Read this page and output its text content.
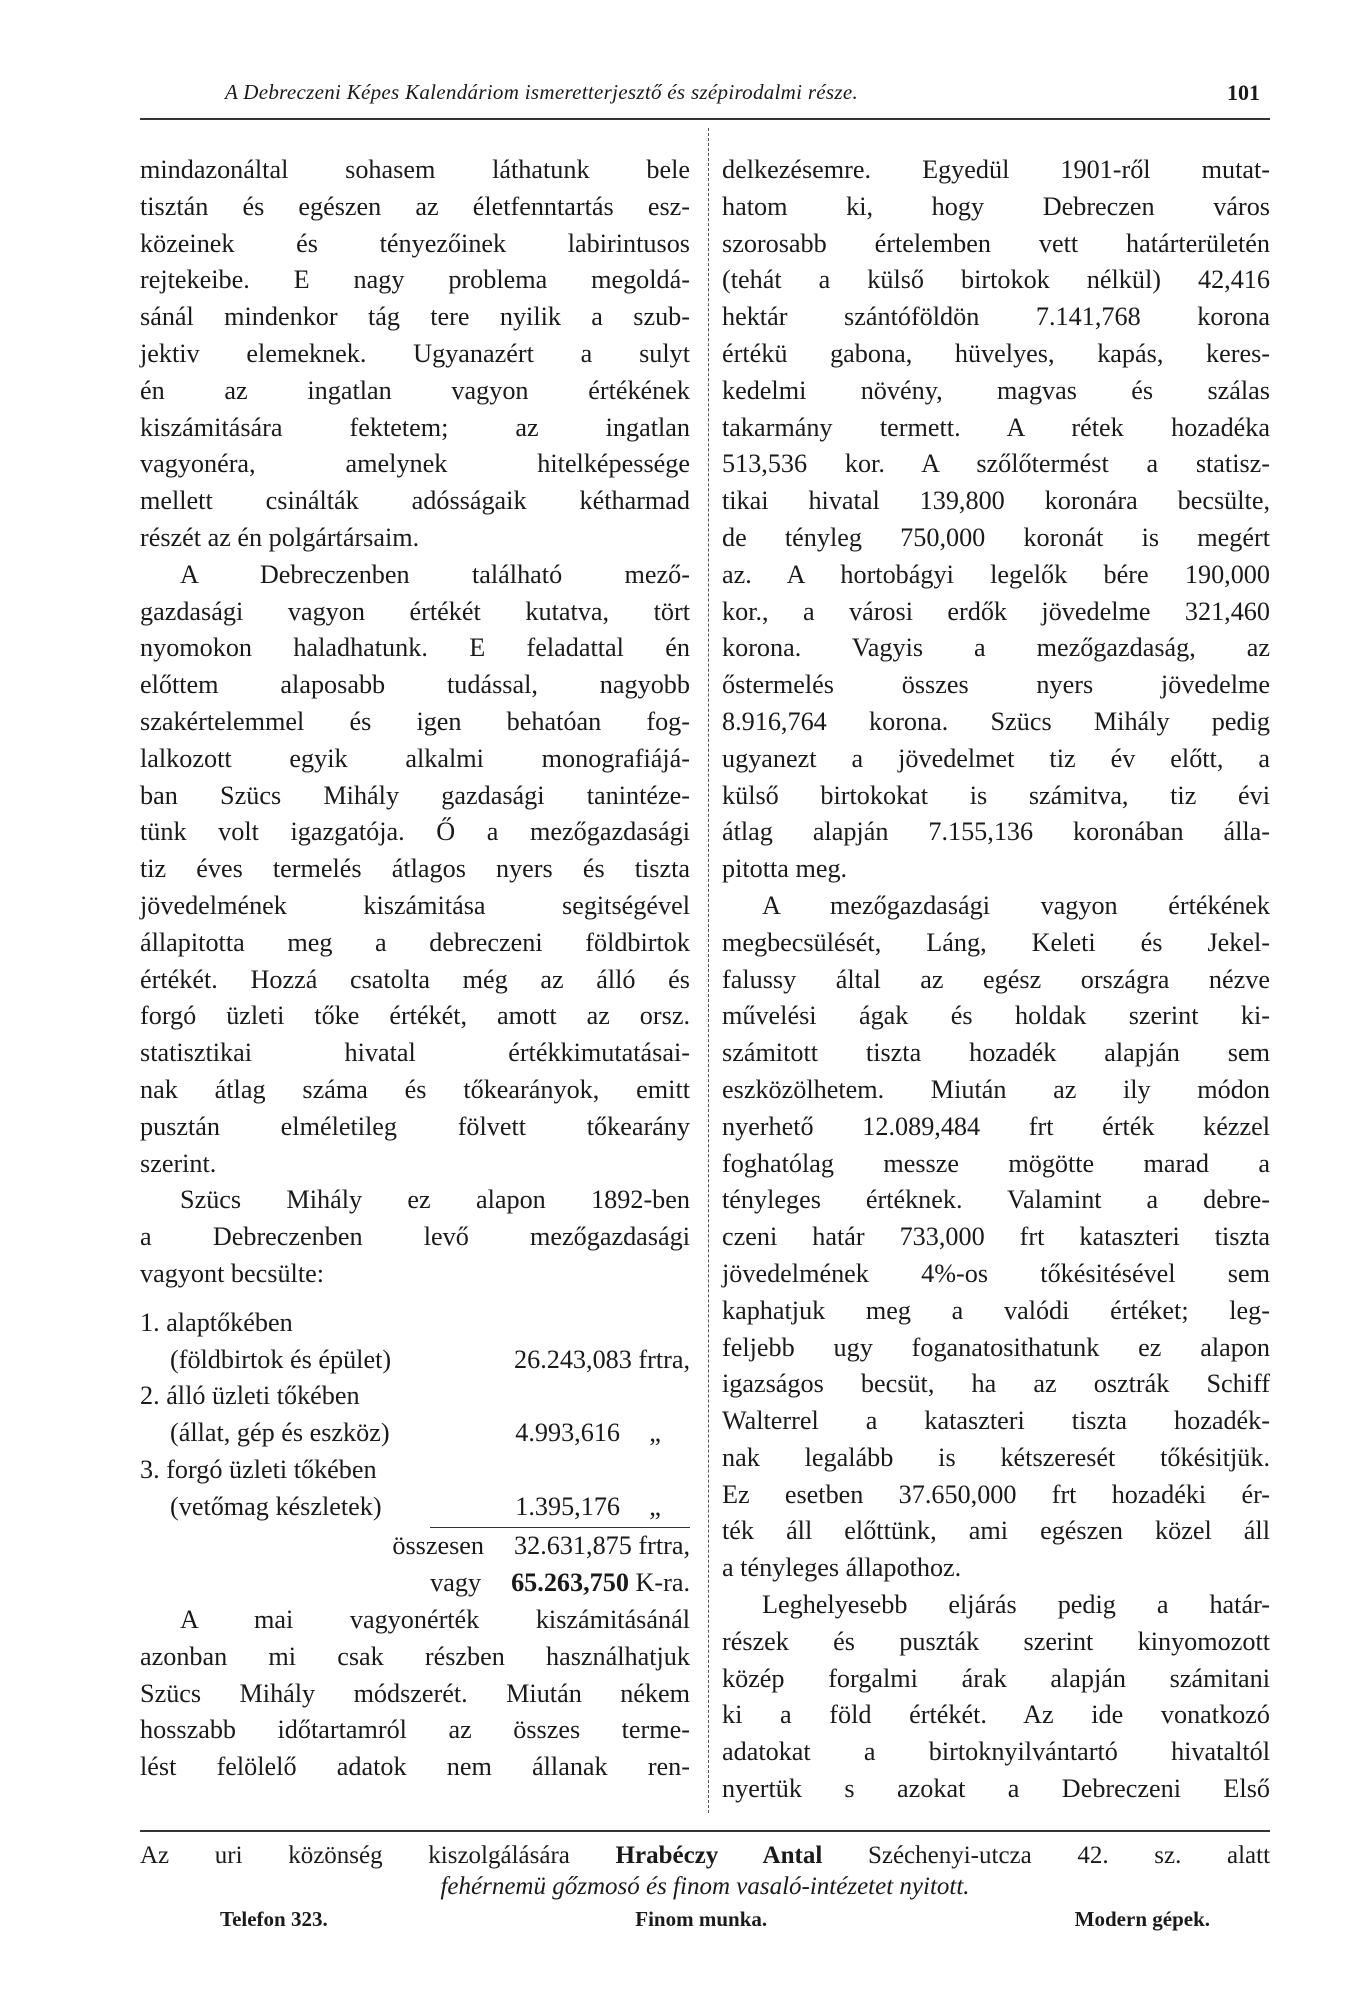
A Debreczeni Képes Kalendáriom ismeretterjesztő és szépirodalmi része.	101
mindazonáltal sohasem láthatunk bele
tisztán és egészen az életfenntartás esz-
közeinek és tényezőinek labirintusos
rejtekeibe. E nagy problema megoldá-
sánál mindenkor tág tere nyilik a szub-
jektiv elemeknek. Ugyanazért a sulyt
én az ingatlan vagyon értékének
kiszámitására fektetem; az ingatlan
vagyonéra, amelynek hitelképessége
mellett csinálták adósságaik kétharmad
részét az én polgártársaim.
A Debreczenben található mező-
gazdasági vagyon értékét kutatva, tört
nyomokon haladhatunk. E feladattal én
előttem alaposabb tudással, nagyobb
szakértelemmel és igen behatóan fog-
lalkozott egyik alkalmi monografiájá-
ban Szücs Mihály gazdasági tanintéze-
tünk volt igazgatója. Ő a mezőgazdasági
tiz éves termelés átlagos nyers és tiszta
jövedelmének kiszámitása segitségével
állapitotta meg a debreczeni földbirtok
értékét. Hozzá csatolta még az álló és
forgó üzleti tőke értékét, amott az orsz.
statisztikai hivatal értékkimutatásai-
nak átlag száma és tőkearányok, emitt
pusztán elméletileg fölvett tőkearány
szerint.
Szücs Mihály ez alapon 1892-ben
a Debreczenben levő mezőgazdasági
vagyont becsülte:
1. alaptőkében
(földbirtok és épület)	26.243,083 frtra,
2. álló üzleti tőkében
(állat, gép és eszköz)	4.993,616 „
3. forgó üzleti tőkében
(vetőmag készletek)	1.395,176 „
összesen 32.631,875 frtra,
vagy 65.263,750 K-ra.
A mai vagyonérték kiszámitásánál
azonban mi csak részben használhatjuk
Szücs Mihály módszerét. Miután nékem
hosszabb időtartamról az összes terme-
lést felölelő adatok nem állanak ren-
delkezésemre. Egyedül 1901-ről mutat-
hatom ki, hogy Debreczen város
szorosabb értelemben vett határterületén
(tehát a külső birtokok nélkül) 42,416
hektár szántóföldön 7.141,768 korona
értékü gabona, hüvelyes, kapás, keres-
kedelmi növény, magvas és szálas
takarmány termett. A rétek hozadéka
513,536 kor. A szőlőtermést a statisz-
tikai hivatal 139,800 koronára becsülte,
de tényleg 750,000 koronát is megért
az. A hortobágyi legelők bére 190,000
kor., a városi erdők jövedelme 321,460
korona. Vagyis a mezőgazdaság, az
őstermelés összes nyers jövedelme
8.916,764 korona. Szücs Mihály pedig
ugyanezt a jövedelmet tiz év előtt, a
külső birtokokat is számitva, tiz évi
átlag alapján 7.155,136 koronában álla-
pitotta meg.
A mezőgazdasági vagyon értékének
megbecsülését, Láng, Keleti és Jekel-
falussy által az egész országra nézve
művelési ágak és holdak szerint ki-
számitott tiszta hozadék alapján sem
eszközölhetem. Miután az ily módon
nyerhető 12.089,484 frt érték kézzel
foghatólag messze mögötte marad a
tényleges értéknek. Valamint a debre-
czeni határ 733,000 frt kataszteri tiszta
jövedelmének 4%-os tőkésitésével sem
kaphatjuk meg a valódi értéket; leg-
feljebb ugy foganatosithatunk ez alapon
igazságos becsüt, ha az osztrák Schiff
Walterrel a kataszteri tiszta hozadék-
nak legalább is kétszeresét tőkésitjük.
Ez esetben 37.650,000 frt hozadéki ér-
ték áll előttünk, ami egészen közel áll
a tényleges állapothoz.
Leghelyesebb eljárás pedig a határ-
részek és puszták szerint kinyomozott
közép forgalmi árak alapján számitani
ki a föld értékét. Az ide vonatkozó
adatokat a birtoknyilvántartó hivataltól
nyertük s azokat a Debreczeni Első
Az uri közönség kiszolgálására Hrabéczy Antal Széchenyi-utcza 42. sz. alatt
fehérnemü gőzmosó és finom vasaló-intézetet nyitott.
Telefon 323.	Finom munka.	Modern gépek.
